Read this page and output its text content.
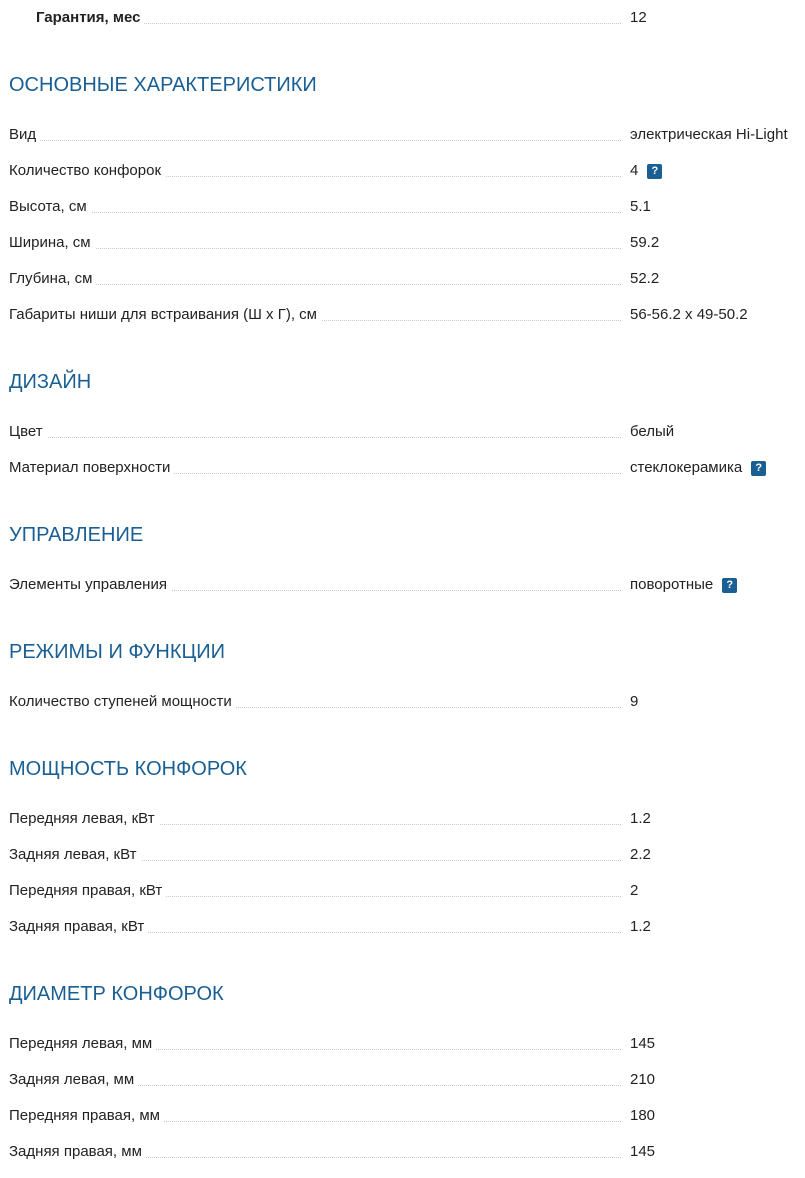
Гарантия, мес	12
ОСНОВНЫЕ ХАРАКТЕРИСТИКИ
Вид	электрическая Hi-Light
Количество конфорок	4	?
Высота, см	5.1
Ширина, см	59.2
Глубина, см	52.2
Габариты ниши для встраивания (Ш х Г), см	56-56.2 x 49-50.2
ДИЗАЙН
Цвет	белый
Материал поверхности	стеклокерамика	?
УПРАВЛЕНИЕ
Элементы управления	поворотные	?
РЕЖИМЫ И ФУНКЦИИ
Количество ступеней мощности	9
МОЩНОСТЬ КОНФОРОК
Передняя левая, кВт	1.2
Задняя левая, кВт	2.2
Передняя правая, кВт	2
Задняя правая, кВт	1.2
ДИАМЕТР КОНФОРОК
Передняя левая, мм	145
Задняя левая, мм	210
Передняя правая, мм	180
Задняя правая, мм	145
